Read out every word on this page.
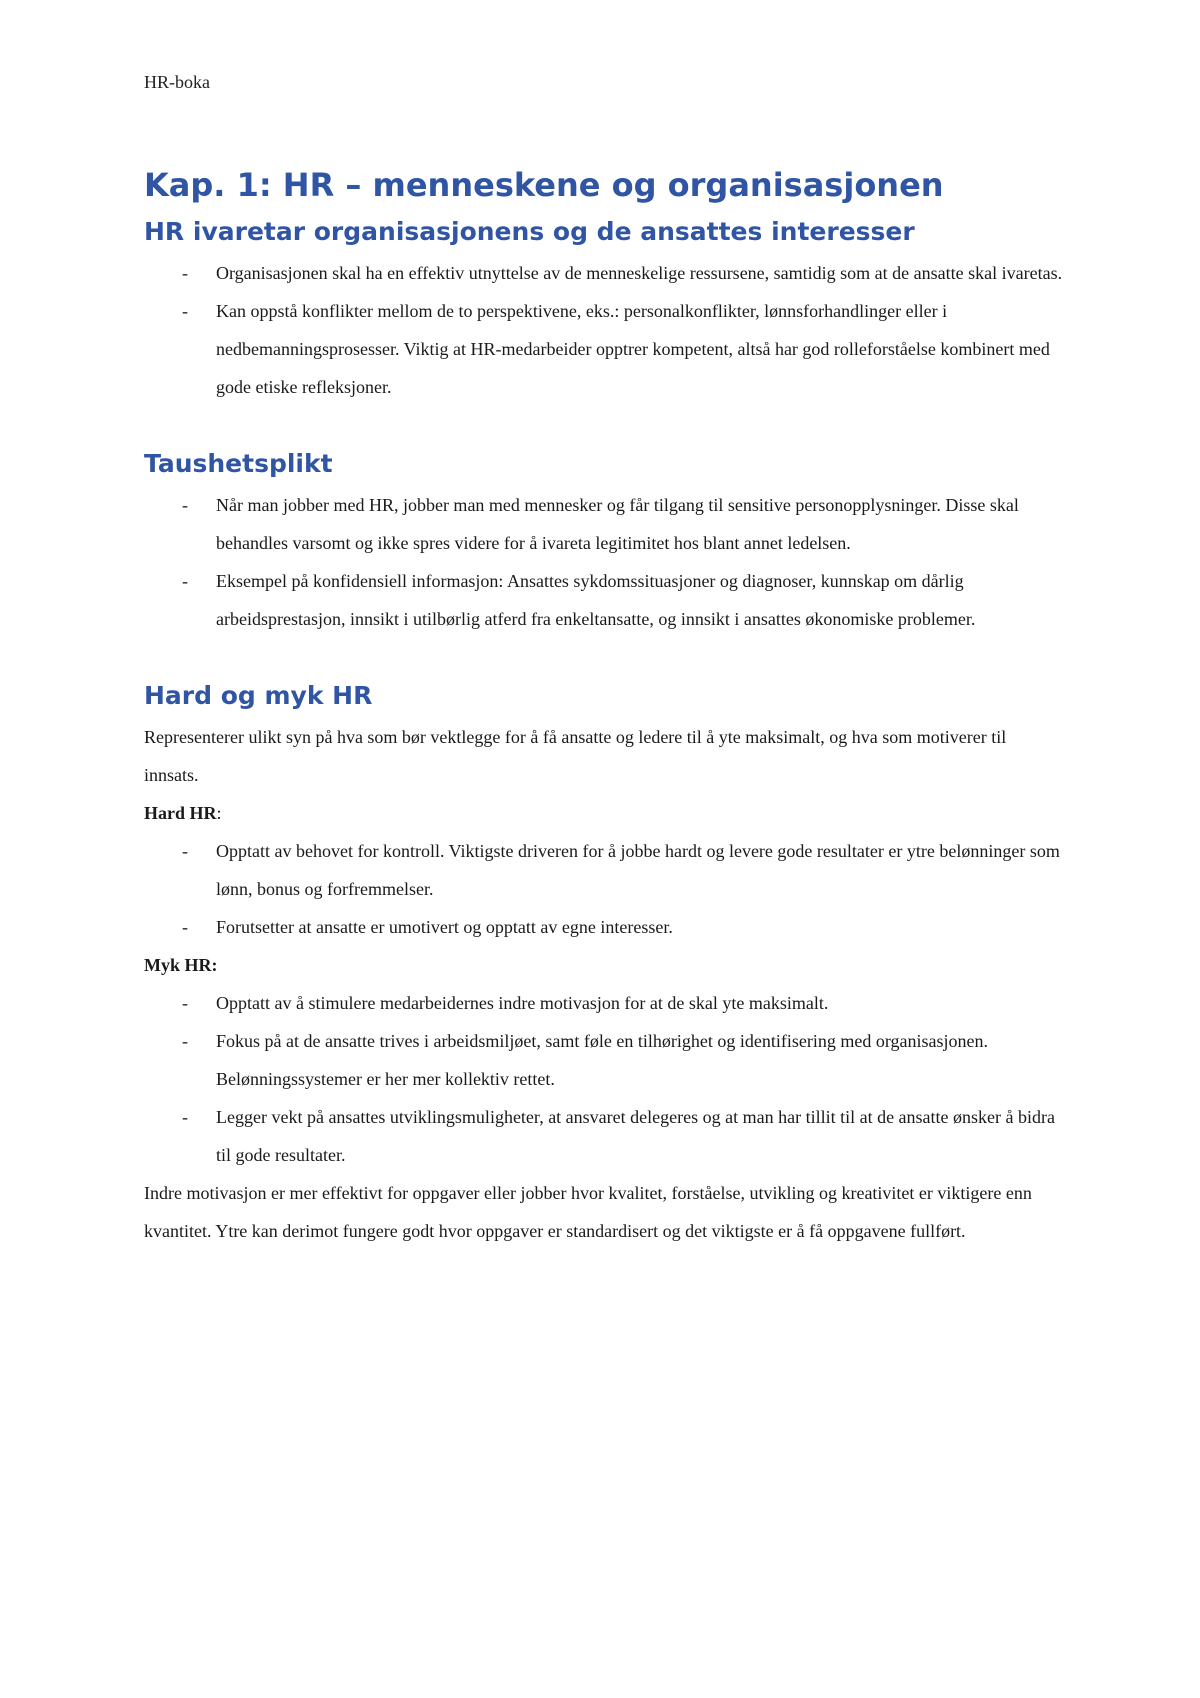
HR-boka
Kap. 1: HR – menneskene og organisasjonen
HR ivaretar organisasjonens og de ansattes interesser
- Organisasjonen skal ha en effektiv utnyttelse av de menneskelige ressursene, samtidig som at de ansatte skal ivaretas.
- Kan oppstå konflikter mellom de to perspektivene, eks.: personalkonflikter, lønnsforhandlinger eller i nedbemanningsprosesser. Viktig at HR-medarbeider opptrer kompetent, altså har god rolleforståelse kombinert med gode etiske refleksjoner.
Taushetsplikt
- Når man jobber med HR, jobber man med mennesker og får tilgang til sensitive personopplysninger. Disse skal behandles varsomt og ikke spres videre for å ivareta legitimitet hos blant annet ledelsen.
- Eksempel på konfidensiell informasjon: Ansattes sykdomssituasjoner og diagnoser, kunnskap om dårlig arbeidsprestasjon, innsikt i utilbørlig atferd fra enkeltansatte, og innsikt i ansattes økonomiske problemer.
Hard og myk HR

Representerer ulikt syn på hva som bør vektlegge for å få ansatte og ledere til å yte maksimalt, og hva som motiverer til innsats.

Hard HR:

- Opptatt av behovet for kontroll. Viktigste driveren for å jobbe hardt og levere gode resultater er ytre belønninger som lønn, bonus og forfremmelser.
- Forutsetter at ansatte er umotivert og opptatt av egne interesser.

Myk HR:

- Opptatt av å stimulere medarbeidernes indre motivasjon for at de skal yte maksimalt.
- Fokus på at de ansatte trives i arbeidsmiljøet, samt føle en tilhørighet og identifisering med organisasjonen. Belønningssystemer er her mer kollektiv rettet.
- Legger vekt på ansattes utviklingsmuligheter, at ansvaret delegeres og at man har tillit til at de ansatte ønsker å bidra til gode resultater.

Indre motivasjon er mer effektivt for oppgaver eller jobber hvor kvalitet, forståelse, utvikling og kreativitet er viktigere enn kvantitet. Ytre kan derimot fungere godt hvor oppgaver er standardisert og det viktigste er å få oppgavene fullført.
